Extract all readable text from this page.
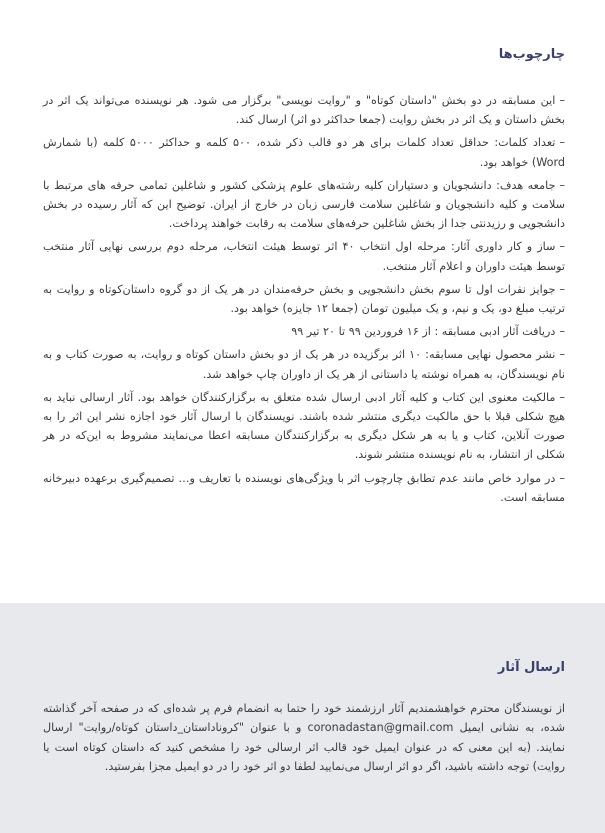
چارچوب‌ها
–این مسابقه در دو بخش "داستان کوتاه" و "روایت نویسی" برگزار می شود. هر نویسنده می‌تواند یک اثر در بخش داستان و یک اثر در بخش روایت (جمعا حداکثر دو اثر) ارسال کند.
–تعداد کلمات: حداقل تعداد کلمات برای هر دو قالب ذکر شده، ۵۰۰ کلمه و حداکثر ۵۰۰۰ کلمه (با شمارش Word) خواهد بود.
–جامعه هدف: دانشجویان و دستیاران کلیه رشته‌های علوم پزشکی کشور و شاغلین تمامی حرفه های مرتبط با سلامت و کلیه دانشجویان و شاغلین سلامت فارسی زبان در خارج از ایران. توضیح این که آثار رسیده در بخش دانشجویی و رزیدنتی جدا از بخش شاغلین حرفه‌های سلامت به رقابت خواهند پرداخت.
–ساز و کار داوری آثار: مرحله اول انتخاب ۴۰ اثر توسط هیئت انتخاب، مرحله دوم بررسی نهایی آثار منتخب توسط هیئت داوران و اعلام آثار منتخب.
–جوایز نفرات اول تا سوم بخش دانشجویی و بخش حرفه‌مندان در هر یک از دو گروه داستان‌کوتاه و روایت به ترتیب مبلغ دو، یک و نیم، و یک میلیون تومان (جمعا ۱۲ جایزه) خواهد بود.
–دریافت آثار ادبی مسابقه : از ۱۶ فروردین ۹۹ تا ۲۰ تیر ۹۹
–نشر محصول نهایی مسابقه: ۱۰ اثر برگزیده در هر یک از دو بخش داستان کوتاه و روایت، به صورت کتاب و به نام نویسندگان، به همراه نوشته یا داستانی از هر یک از داوران چاپ خواهد شد.
–مالکیت معنوی این کتاب و کلیه آثار ادبی ارسال شده متعلق به برگزارکنندگان خواهد بود. آثار ارسالی نباید به هیچ شکلی قبلا با حق مالکیت دیگری منتشر شده باشند. نویسندگان با ارسال آثار خود اجازه نشر این اثر را به صورت آنلاین، کتاب و یا به هر شکل دیگری به برگزارکنندگان مسابقه اعطا می‌نمایند مشروط به این‌که در هر شکلی از انتشار، به نام نویسنده منتشر شوند.
–در موارد خاص مانند عدم تطابق چارچوب اثر با ویژگی‌های نویسنده با تعاریف و… تصمیم‌گیری برعهده دبیرخانه مسابقه است.
ارسال آثار

از نویسندگان محترم خواهشمندیم آثار ارزشمند خود را حتما به انضمام فرم پر شده‌ای که در صفحه آخر گذاشته شده، به نشانی ایمیل coronadastan@gmail.com و با عنوان "کروناداستان_داستان کوتاه/روایت" ارسال نمایند. (به این معنی که در عنوان ایمیل خود قالب اثر ارسالی خود را مشخص کنید که داستان کوتاه است یا روایت) توجه داشته باشید، اگر دو اثر ارسال می‌نمایید لطفا دو اثر خود را در دو ایمیل مجزا بفرستید.
